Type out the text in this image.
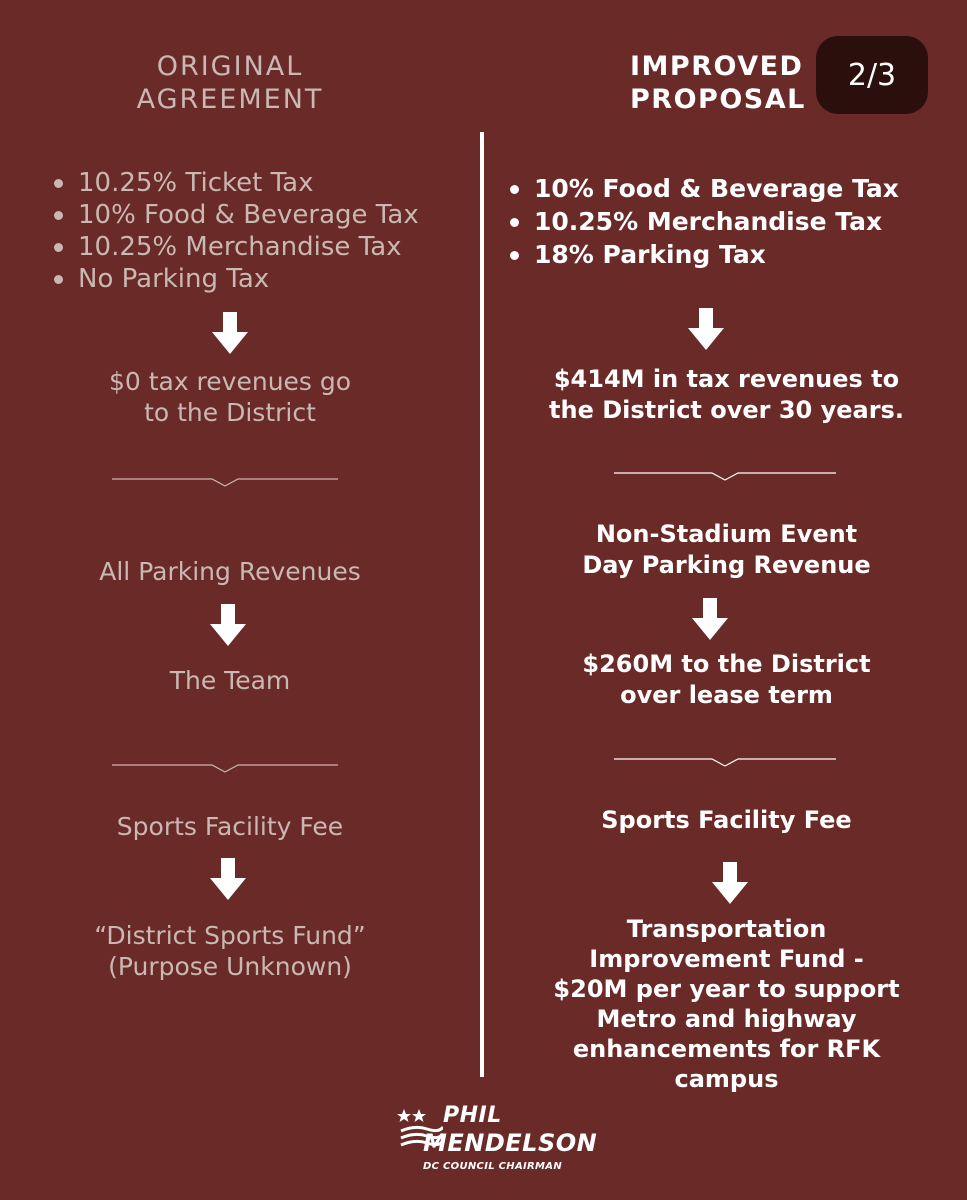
ORIGINAL
AGREEMENT
10.25% Ticket Tax
10% Food & Beverage Tax
10.25% Merchandise Tax
No Parking Tax
$0 tax revenues go
to the District
All Parking Revenues
The Team
Sports Facility Fee
“District Sports Fund”
(Purpose Unknown)
IMPROVED
PROPOSAL
10% Food & Beverage Tax
10.25% Merchandise Tax
18% Parking Tax
$414M in tax revenues to
the District over 30 years.
Non-Stadium Event
Day Parking Revenue
$260M to the District
over lease term
Sports Facility Fee
Transportation
Improvement Fund -
$20M per year to support
Metro and highway
enhancements for RFK
campus
2/3
PHIL
MENDELSON
DC COUNCIL CHAIRMAN
